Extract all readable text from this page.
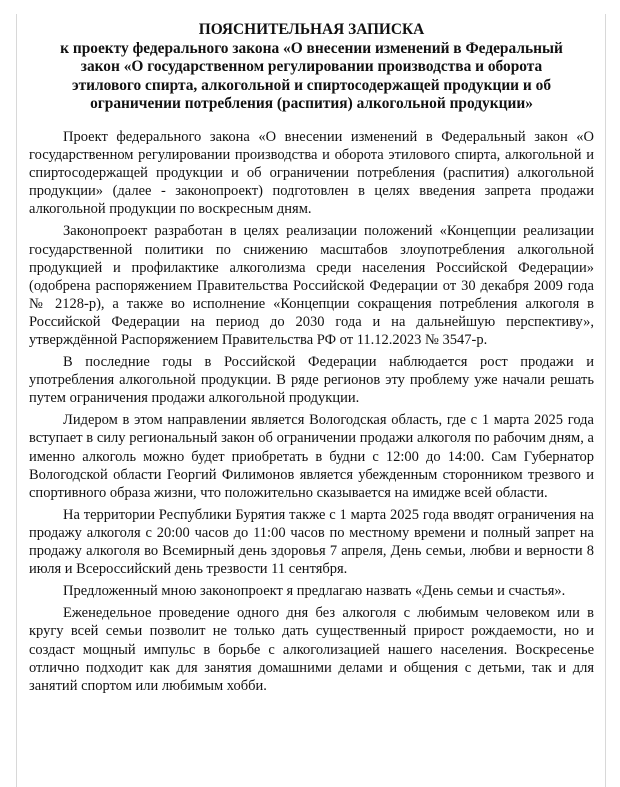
ПОЯСНИТЕЛЬНАЯ ЗАПИСКА
к проекту федерального закона «О внесении изменений в Федеральный
закон «О государственном регулировании производства и оборота
этилового спирта, алкогольной и спиртосодержащей продукции и об
ограничении потребления (распития) алкогольной продукции»

Проект федерального закона «О внесении изменений в Федеральный закон «О государственном регулировании производства и оборота этилового спирта, алкогольной и спиртосодержащей продукции и об ограничении потребления (распития) алкогольной продукции» (далее - законопроект) подготовлен в целях введения запрета продажи алкогольной продукции по воскресным дням.

Законопроект разработан в целях реализации положений «Концепции реализации государственной политики по снижению масштабов злоупотребления алкогольной продукцией и профилактике алкоголизма среди населения Российской Федерации» (одобрена распоряжением Правительства Российской Федерации от 30 декабря 2009 года № 2128-р), а также во исполнение «Концепции сокращения потребления алкоголя в Российской Федерации на период до 2030 года и на дальнейшую перспективу», утверждённой Распоряжением Правительства РФ от 11.12.2023 № 3547-р.

В последние годы в Российской Федерации наблюдается рост продажи и употребления алкогольной продукции. В ряде регионов эту проблему уже начали решать путем ограничения продажи алкогольной продукции.

Лидером в этом направлении является Вологодская область, где с 1 марта 2025 года вступает в силу региональный закон об ограничении продажи алкоголя по рабочим дням, а именно алкоголь можно будет приобретать в будни с 12:00 до 14:00. Сам Губернатор Вологодской области Георгий Филимонов является убежденным сторонником трезвого и спортивного образа жизни, что положительно сказывается на имидже всей области.

На территории Республики Бурятия также с 1 марта 2025 года вводят ограничения на продажу алкоголя с 20:00 часов до 11:00 часов по местному времени и полный запрет на продажу алкоголя во Всемирный день здоровья 7 апреля, День семьи, любви и верности 8 июля и Всероссийский день трезвости 11 сентября.

Предложенный мною законопроект я предлагаю назвать «День семьи и счастья».

Еженедельное проведение одного дня без алкоголя с любимым человеком или в кругу всей семьи позволит не только дать существенный прирост рождаемости, но и создаст мощный импульс в борьбе с алкоголизацией нашего населения. Воскресенье отлично подходит как для занятия домашними делами и общения с детьми, так и для занятий спортом или любимым хобби.
